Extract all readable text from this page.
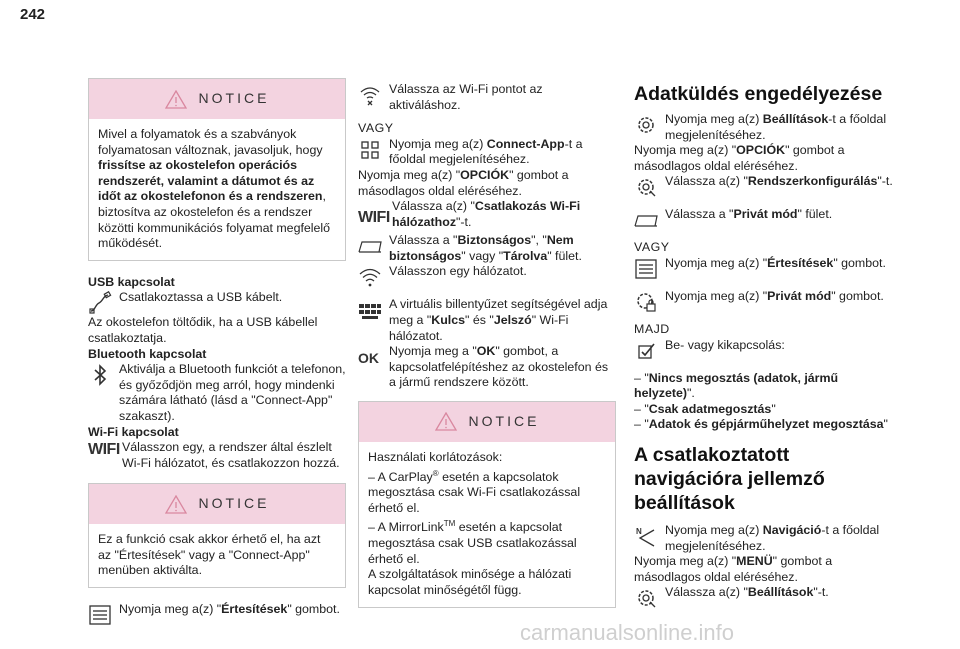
242
NOTICE

Mivel a folyamatok és a szabványok folyamatosan változnak, javasoljuk, hogy frissítse az okostelefon operációs rendszerét, valamint a dátumot és az időt az okostelefonon és a rendszeren, biztosítva az okostelefon és a rendszer közötti kommunikációs folyamat megfelelő működését.

USB kapcsolat

Csatlakoztassa a USB kábelt.

Az okostelefon töltődik, ha a USB kábellel csatlakoztatja.

Bluetooth kapcsolat

Aktiválja a Bluetooth funkciót a telefonon, és győződjön meg arról, hogy mindenki számára látható (lásd a "Connect-App" szakaszt).

Wi-Fi kapcsolat

WIFI Válasszon egy, a rendszer által észlelt Wi-Fi hálózatot, és csatlakozzon hozzá.
NOTICE

Ez a funkció csak akkor érhető el, ha azt az "Értesítések" vagy a "Connect-App" menüben aktiválta.

Nyomja meg a(z) "Értesítések" gombot.
Válassza az Wi-Fi pontot az aktiváláshoz.

VAGY

Nyomja meg a(z) Connect-App-t a főoldal megjelenítéséhez.

Nyomja meg a(z) "OPCIÓK" gombot a másodlagos oldal eléréséhez.

WIFI
Válassza a(z) "Csatlakozás Wi-Fi hálózathoz"-t.
Válassza a "Biztonságos", "Nem biztonságos" vagy "Tárolva" fület.
Válasszon egy hálózatot.
A virtuális billentyűzet segítségével adja meg a "Kulcs" és "Jelszó" Wi-Fi hálózatot.
OK Nyomja meg a "OK" gombot, a kapcsolatfelépítéshez az okostelefon és a jármű rendszere között.
NOTICE

Használati korlátozások:

– A CarPlay® esetén a kapcsolatok megosztása csak Wi-Fi csatlakozással érhető el.

– A MirrorLink™ esetén a kapcsolat megosztása csak USB csatlakozással érhető el.

A szolgáltatások minősége a hálózati kapcsolat minőségétől függ.

Adatküldés engedélyezése

Nyomja meg a(z) Beállítások-t a főoldal megjelenítéséhez.

Nyomja meg a(z) "OPCIÓK" gombot a másodlagos oldal eléréséhez.

Válassza a(z) "Rendszerkonfigurálás"-t.
Válassza a "Privát mód" fület.

VAGY

Nyomja meg a(z) "Értesítések" gombot.
Nyomja meg a(z) "Privát mód" gombot.

MAJD

Be- vagy kikapcsolás:

– "Nincs megosztás (adatok, jármű helyzete)".

– "Csak adatmegosztás"

– "Adatok és gépjárműhelyzet megosztása"

A csatlakoztatott navigációra jellemző beállítások

N Nyomja meg a(z) Navigáció-t a főoldal megjelenítéséhez.

Nyomja meg a(z) "MENÜ" gombot a másodlagos oldal eléréséhez.

Válassza a(z) "Beállítások"-t.
carmanualsonline.info
